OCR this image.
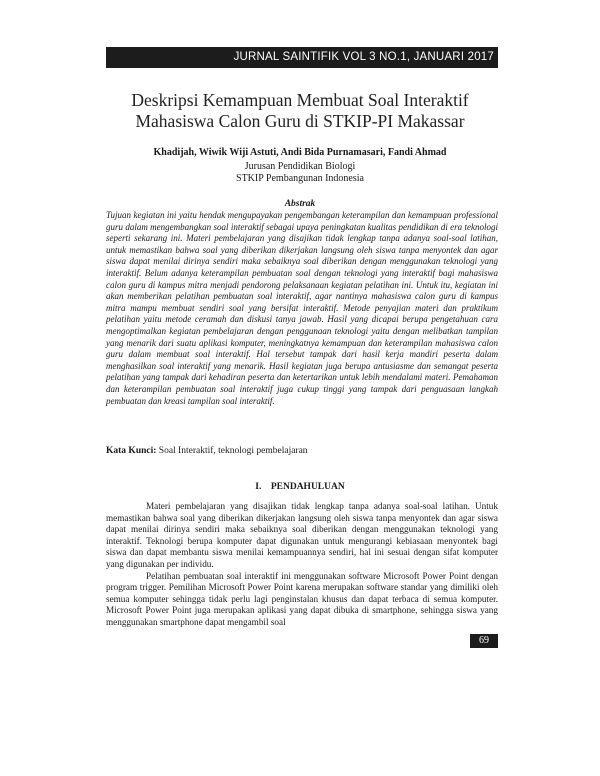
JURNAL SAINTIFIK VOL 3 NO.1, JANUARI 2017
Deskripsi Kemampuan Membuat Soal Interaktif
Mahasiswa Calon Guru di STKIP-PI Makassar
Khadijah, Wiwik Wiji Astuti, Andi Bida Purnamasari, Fandi Ahmad
Jurusan Pendidikan Biologi
STKIP Pembangunan Indonesia
Abstrak

Tujuan kegiatan ini yaitu hendak mengupayakan pengembangan keterampilan dan kemampuan professional guru dalam mengembangkan soal interaktif sebagai upaya peningkatan kualitas pendidikan di era teknologi seperti sekarang ini. Materi pembelajaran yang disajikan tidak lengkap tanpa adanya soal-soal latihan, untuk memastikan bahwa soal yang diberikan dikerjakan langsung oleh siswa tanpa menyontek dan agar siswa dapat menilai dirinya sendiri maka sebaiknya soal diberikan dengan menggunakan teknologi yang interaktif. Belum adanya keterampilan pembuatan soal dengan teknologi yang interaktif bagi mahasiswa calon guru di kampus mitra menjadi pendorong pelaksanaan kegiatan pelatihan ini. Untuk itu, kegiatan ini akan memberikan pelatihan pembuatan soal interaktif, agar nantinya mahasiswa calon guru di kampus mitra mampu membuat sendiri soal yang bersifat interaktif. Metode penyajian materi dan praktikum pelatihan yaitu metode ceramah dan diskusi tanya jawab. Hasil yang dicapai berupa pengetahuan cara mengoptimalkan kegiatan pembelajaran dengan penggunaan teknologi yaitu dengan melibatkan tampilan yang menarik dari suatu aplikasi komputer, meningkatnya kemampuan dan keterampilan mahasiswa calon guru dalam membuat soal interaktif. Hal tersebut tampak dari hasil kerja mandiri peserta dalam menghasilkan soal interaktif yang menarik. Hasil kegiatan juga berupa antusiasme dan semangat peserta pelatihan yang tampak dari kehadiran peserta dan ketertarikan untuk lebih mendalami materi. Pemahaman dan keterampilan pembuatan soal interaktif juga cukup tinggi yang tampak dari penguasaan langkah pembuatan dan kreasi tampilan soal interaktif.

Kata Kunci: Soal Interaktif, teknologi pembelajaran
I.    PENDAHULUAN

Materi pembelajaran yang disajikan tidak lengkap tanpa adanya soal-soal latihan. Untuk memastikan bahwa soal yang diberikan dikerjakan langsung oleh siswa tanpa menyontek dan agar siswa dapat menilai dirinya sendiri maka sebaiknya soal diberikan dengan menggunakan teknologi yang interaktif. Teknologi berupa komputer dapat digunakan untuk mengurangi kebiasaan menyontek bagi siswa dan dapat membantu siswa menilai kemampuannya sendiri, hal ini sesuai dengan sifat komputer yang digunakan per individu.

Pelatihan pembuatan soal interaktif ini menggunakan software Microsoft Power Point dengan program trigger. Pemilihan Microsoft Power Point karena merupakan software standar yang dimiliki oleh semua komputer sehingga tidak perlu lagi penginstalan khusus dan dapat terbaca di semua komputer. Microsoft Power Point juga merupakan aplikasi yang dapat dibuka di smartphone, sehingga siswa yang menggunakan smartphone dapat mengambil soal

69
